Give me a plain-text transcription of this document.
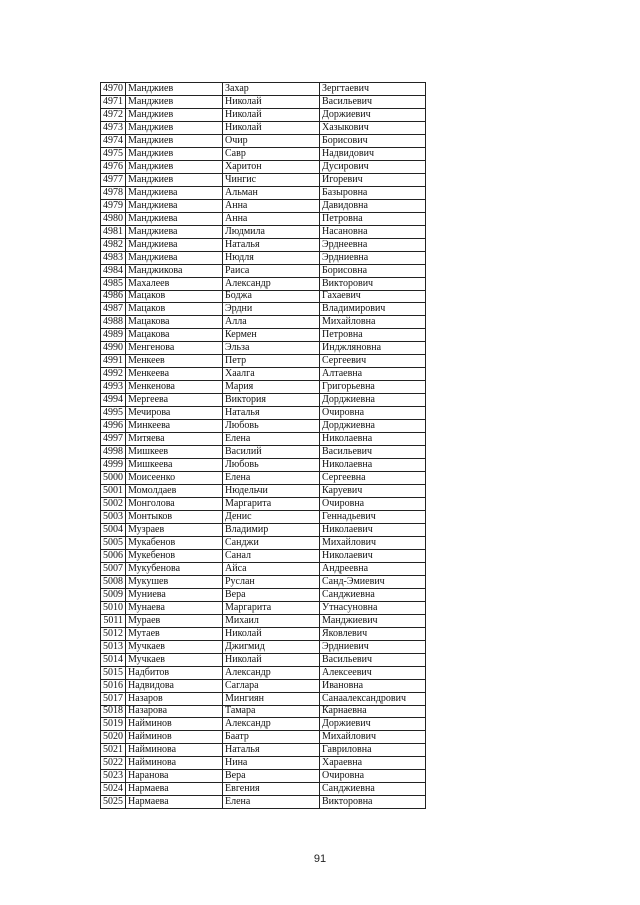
4970	Манджиев	Захар	Зергтаевич
4971	Манджиев	Николай	Васильевич
4972	Манджиев	Николай	Доржиевич
4973	Манджиев	Николай	Хазыкович
4974	Манджиев	Очир	Борисович
4975	Манджиев	Савр	Надвидович
4976	Манджиев	Харитон	Дусирович
4977	Манджиев	Чингис	Игоревич
4978	Манджиева	Альман	Базыровна
4979	Манджиева	Анна	Давидовна
4980	Манджиева	Анна	Петровна
4981	Манджиева	Людмила	Насановна
4982	Манджиева	Наталья	Эрднеевна
4983	Манджиева	Нюдля	Эрдниевна
4984	Манджикова	Раиса	Борисовна
4985	Махалеев	Александр	Викторович
4986	Мацаков	Боджа	Гахаевич
4987	Мацаков	Эрдни	Владимирович
4988	Мацакова	Алла	Михайловна
4989	Мацакова	Кермен	Петровна
4990	Менгенова	Эльза	Инджляновна
4991	Менкеев	Петр	Сергеевич
4992	Менкеева	Хаалга	Алтаевна
4993	Менкенова	Мария	Григорьевна
4994	Мергеева	Виктория	Дорджиевна
4995	Мечирова	Наталья	Очировна
4996	Минкеева	Любовь	Дорджиевна
4997	Митяева	Елена	Николаевна
4998	Мишкеев	Василий	Васильевич
4999	Мишкеева	Любовь	Николаевна
5000	Моисеенко	Елена	Сергеевна
5001	Момолдаев	Нюдельчи	Каруевич
5002	Монголова	Маргарита	Очировна
5003	Монтыков	Денис	Геннадьевич
5004	Музраев	Владимир	Николаевич
5005	Мукабенов	Санджи	Михайлович
5006	Мукебенов	Санал	Николаевич
5007	Мукубенова	Айса	Андреевна
5008	Мукушев	Руслан	Санд-Эмиевич
5009	Муниева	Вера	Санджиевна
5010	Мунаева	Маргарита	Утнасуновна
5011	Мураев	Михаил	Манджиевич
5012	Мутаев	Николай	Яковлевич
5013	Мучкаев	Джигмид	Эрдниевич
5014	Мучкаев	Николай	Васильевич
5015	Надбитов	Александр	Алексеевич
5016	Надвидова	Саглара	Ивановна
5017	Назаров	Мингиян	Санаалександрович
5018	Назарова	Тамара	Карнаевна
5019	Найминов	Александр	Доржиевич
5020	Найминов	Баатр	Михайлович
5021	Найминова	Наталья	Гавриловна
5022	Найминова	Нина	Хараевна
5023	Наранова	Вера	Очировна
5024	Нармаева	Евгения	Санджиевна
5025	Нармаева	Елена	Викторовна
91
